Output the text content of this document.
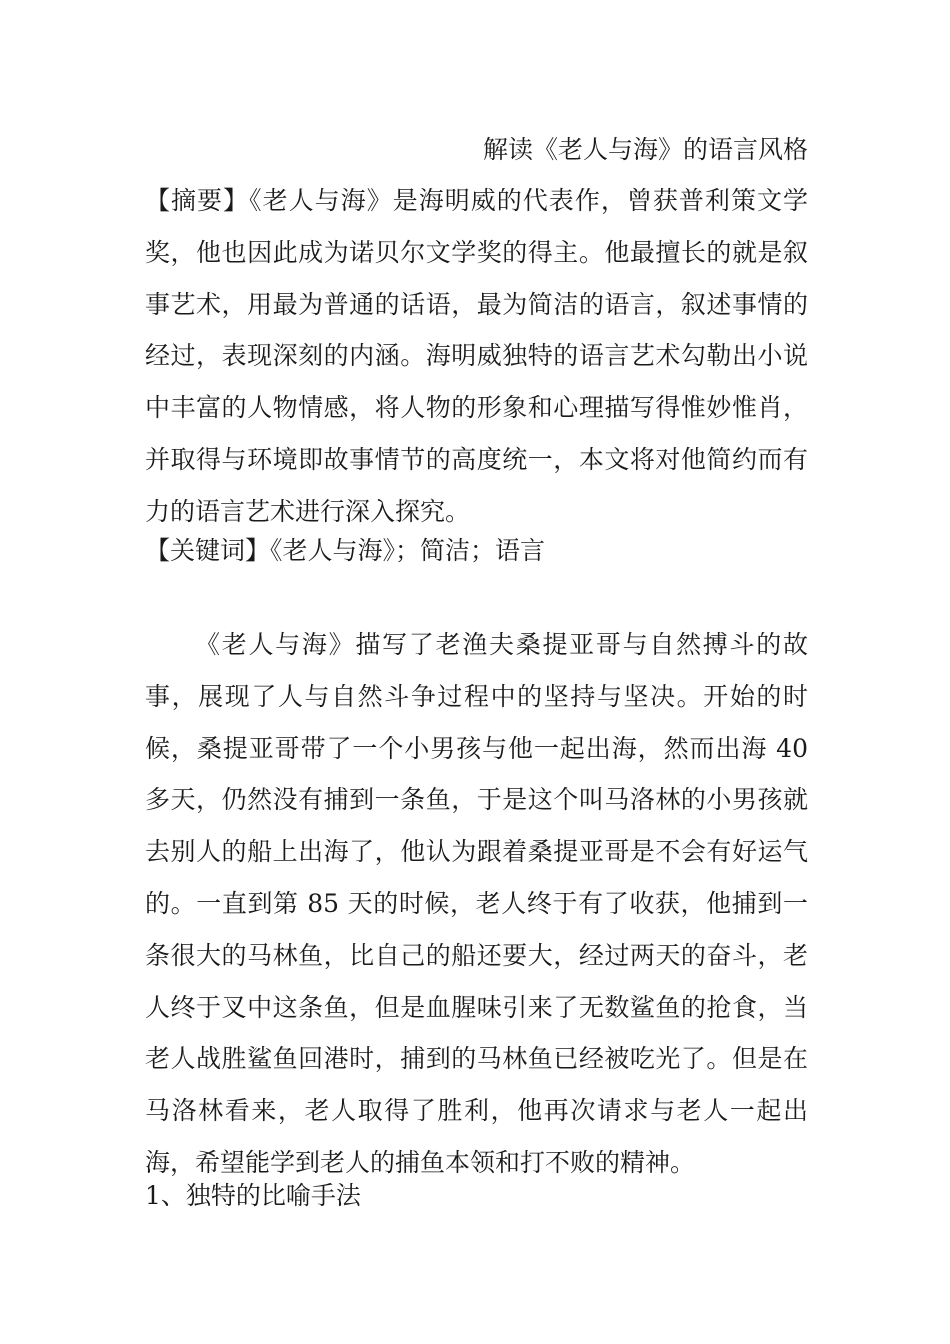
解读《老人与海》的语言风格
【摘要】《老人与海》是海明威的代表作，曾获普利策文学奖，他也因此成为诺贝尔文学奖的得主。他最擅长的就是叙事艺术，用最为普通的话语，最为简洁的语言，叙述事情的经过，表现深刻的内涵。海明威独特的语言艺术勾勒出小说中丰富的人物情感，将人物的形象和心理描写得惟妙惟肖，并取得与环境即故事情节的高度统一，本文将对他简约而有力的语言艺术进行深入探究。
【关键词】《老人与海》；简洁；语言
《老人与海》描写了老渔夫桑提亚哥与自然搏斗的故事，展现了人与自然斗争过程中的坚持与坚决。开始的时候，桑提亚哥带了一个小男孩与他一起出海，然而出海 40 多天，仍然没有捕到一条鱼，于是这个叫马洛林的小男孩就去别人的船上出海了，他认为跟着桑提亚哥是不会有好运气的。一直到第 85 天的时候，老人终于有了收获，他捕到一条很大的马林鱼，比自己的船还要大，经过两天的奋斗，老人终于叉中这条鱼，但是血腥味引来了无数鲨鱼的抢食，当老人战胜鲨鱼回港时，捕到的马林鱼已经被吃光了。但是在马洛林看来，老人取得了胜利，他再次请求与老人一起出海，希望能学到老人的捕鱼本领和打不败的精神。
1、独特的比喻手法
